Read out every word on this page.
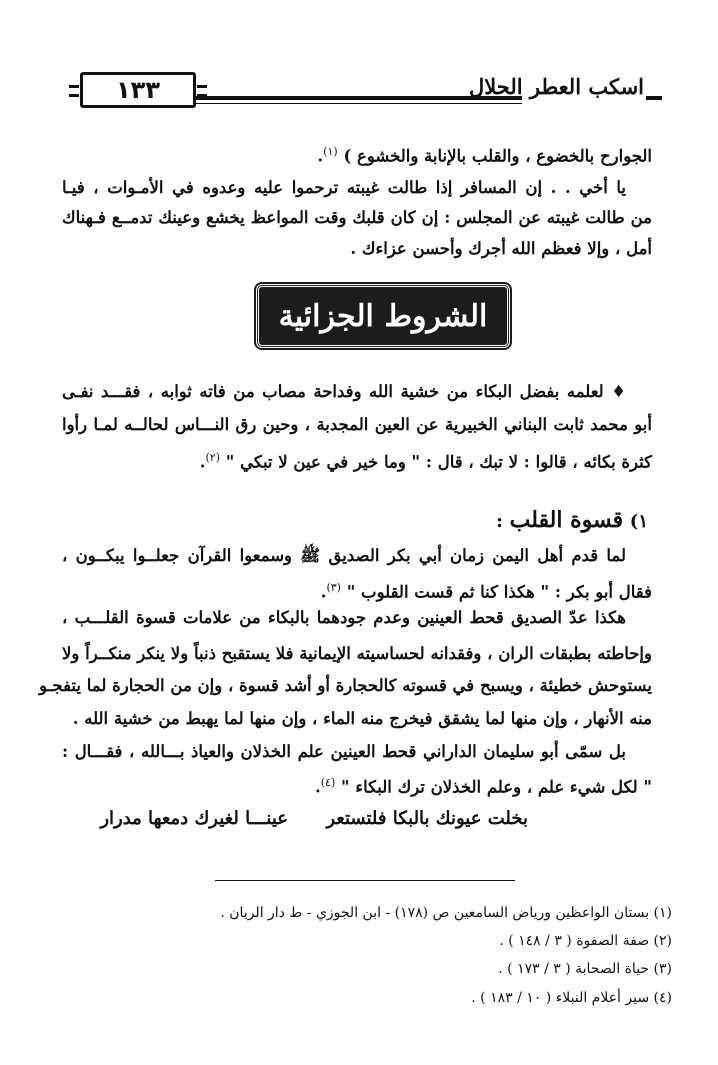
١٣٣	اسكب العطر الحلال
الجوارح بالخضوع ، والقلب بالإنابة والخشوع ) $^{(١)}$.
يا أخي . . إن المسافر إذا طالت غيبته ترحموا عليه وعدوه في الأمـوات ، فيـا
من طالت غيبته عن المجلس : إن كان قلبك وقت المواعظ يخشع وعينك تدمــع فـهناك
أمل ، وإلا فعظم الله أجرك وأحسن عزاءك .
الشروط الجزائية
♦ لعلمه بفضل البكاء من خشية الله وفداحة مصاب من فاته ثوابه ، فقـــد نفـى
أبو محمد ثابت البناني الخبيرية عن العين المجدبة ، وحين رق النـــاس لحالــه لمـا رأوا
كثرة بكائه ، قالوا : لا تبك ، قال : " وما خير في عين لا تبكي " $^{(٢)}$.
١) قسوة القلب :
لما قدم أهل اليمن زمان أبي بكر الصديق ﷺ وسمعوا القرآن جعلــوا يبكــون ،
فقال أبو بكر : " هكذا كنا ثم قست القلوب " $^{(٣)}$.
هكذا عدّ الصديق قحط العينين وعدم جودهما بالبكاء من علامات قسوة القلـــب ،
وإحاطته بطبقات الران ، وفقدانه لحساسيته الإيمانية فلا يستقبح ذنباً ولا ينكر منكــراً ولا
يستوحش خطيئة ، ويسبح في قسوته كالحجارة أو أشد قسوة ، وإن من الحجارة لما يتفجـو
منه الأنهار ، وإن منها لما يشقق فيخرج منه الماء ، وإن منها لما يهبط من خشية الله .
بل سمّى أبو سليمان الداراني قحط العينين علم الخذلان والعياذ بـــالله ، فقـــال :
" لكل شيء علم ، وعلم الخذلان ترك البكاء " $^{(٤)}$.
بخلت عيونك بالبكا فلتستعر
عينـــا لغيرك دمعها مدرار
(١) بستان الواعظين ورياض السامعين ص (١٧٨) - ابن الجوزي - ط دار الريان .
(٢) صفة الصفوة ( ٣ / ١٤٨ ) .
(٣) حياة الصحابة ( ٣ / ١٧٣ ) .
(٤) سير أعلام النبلاء ( ١٠ / ١٨٣ ) .
